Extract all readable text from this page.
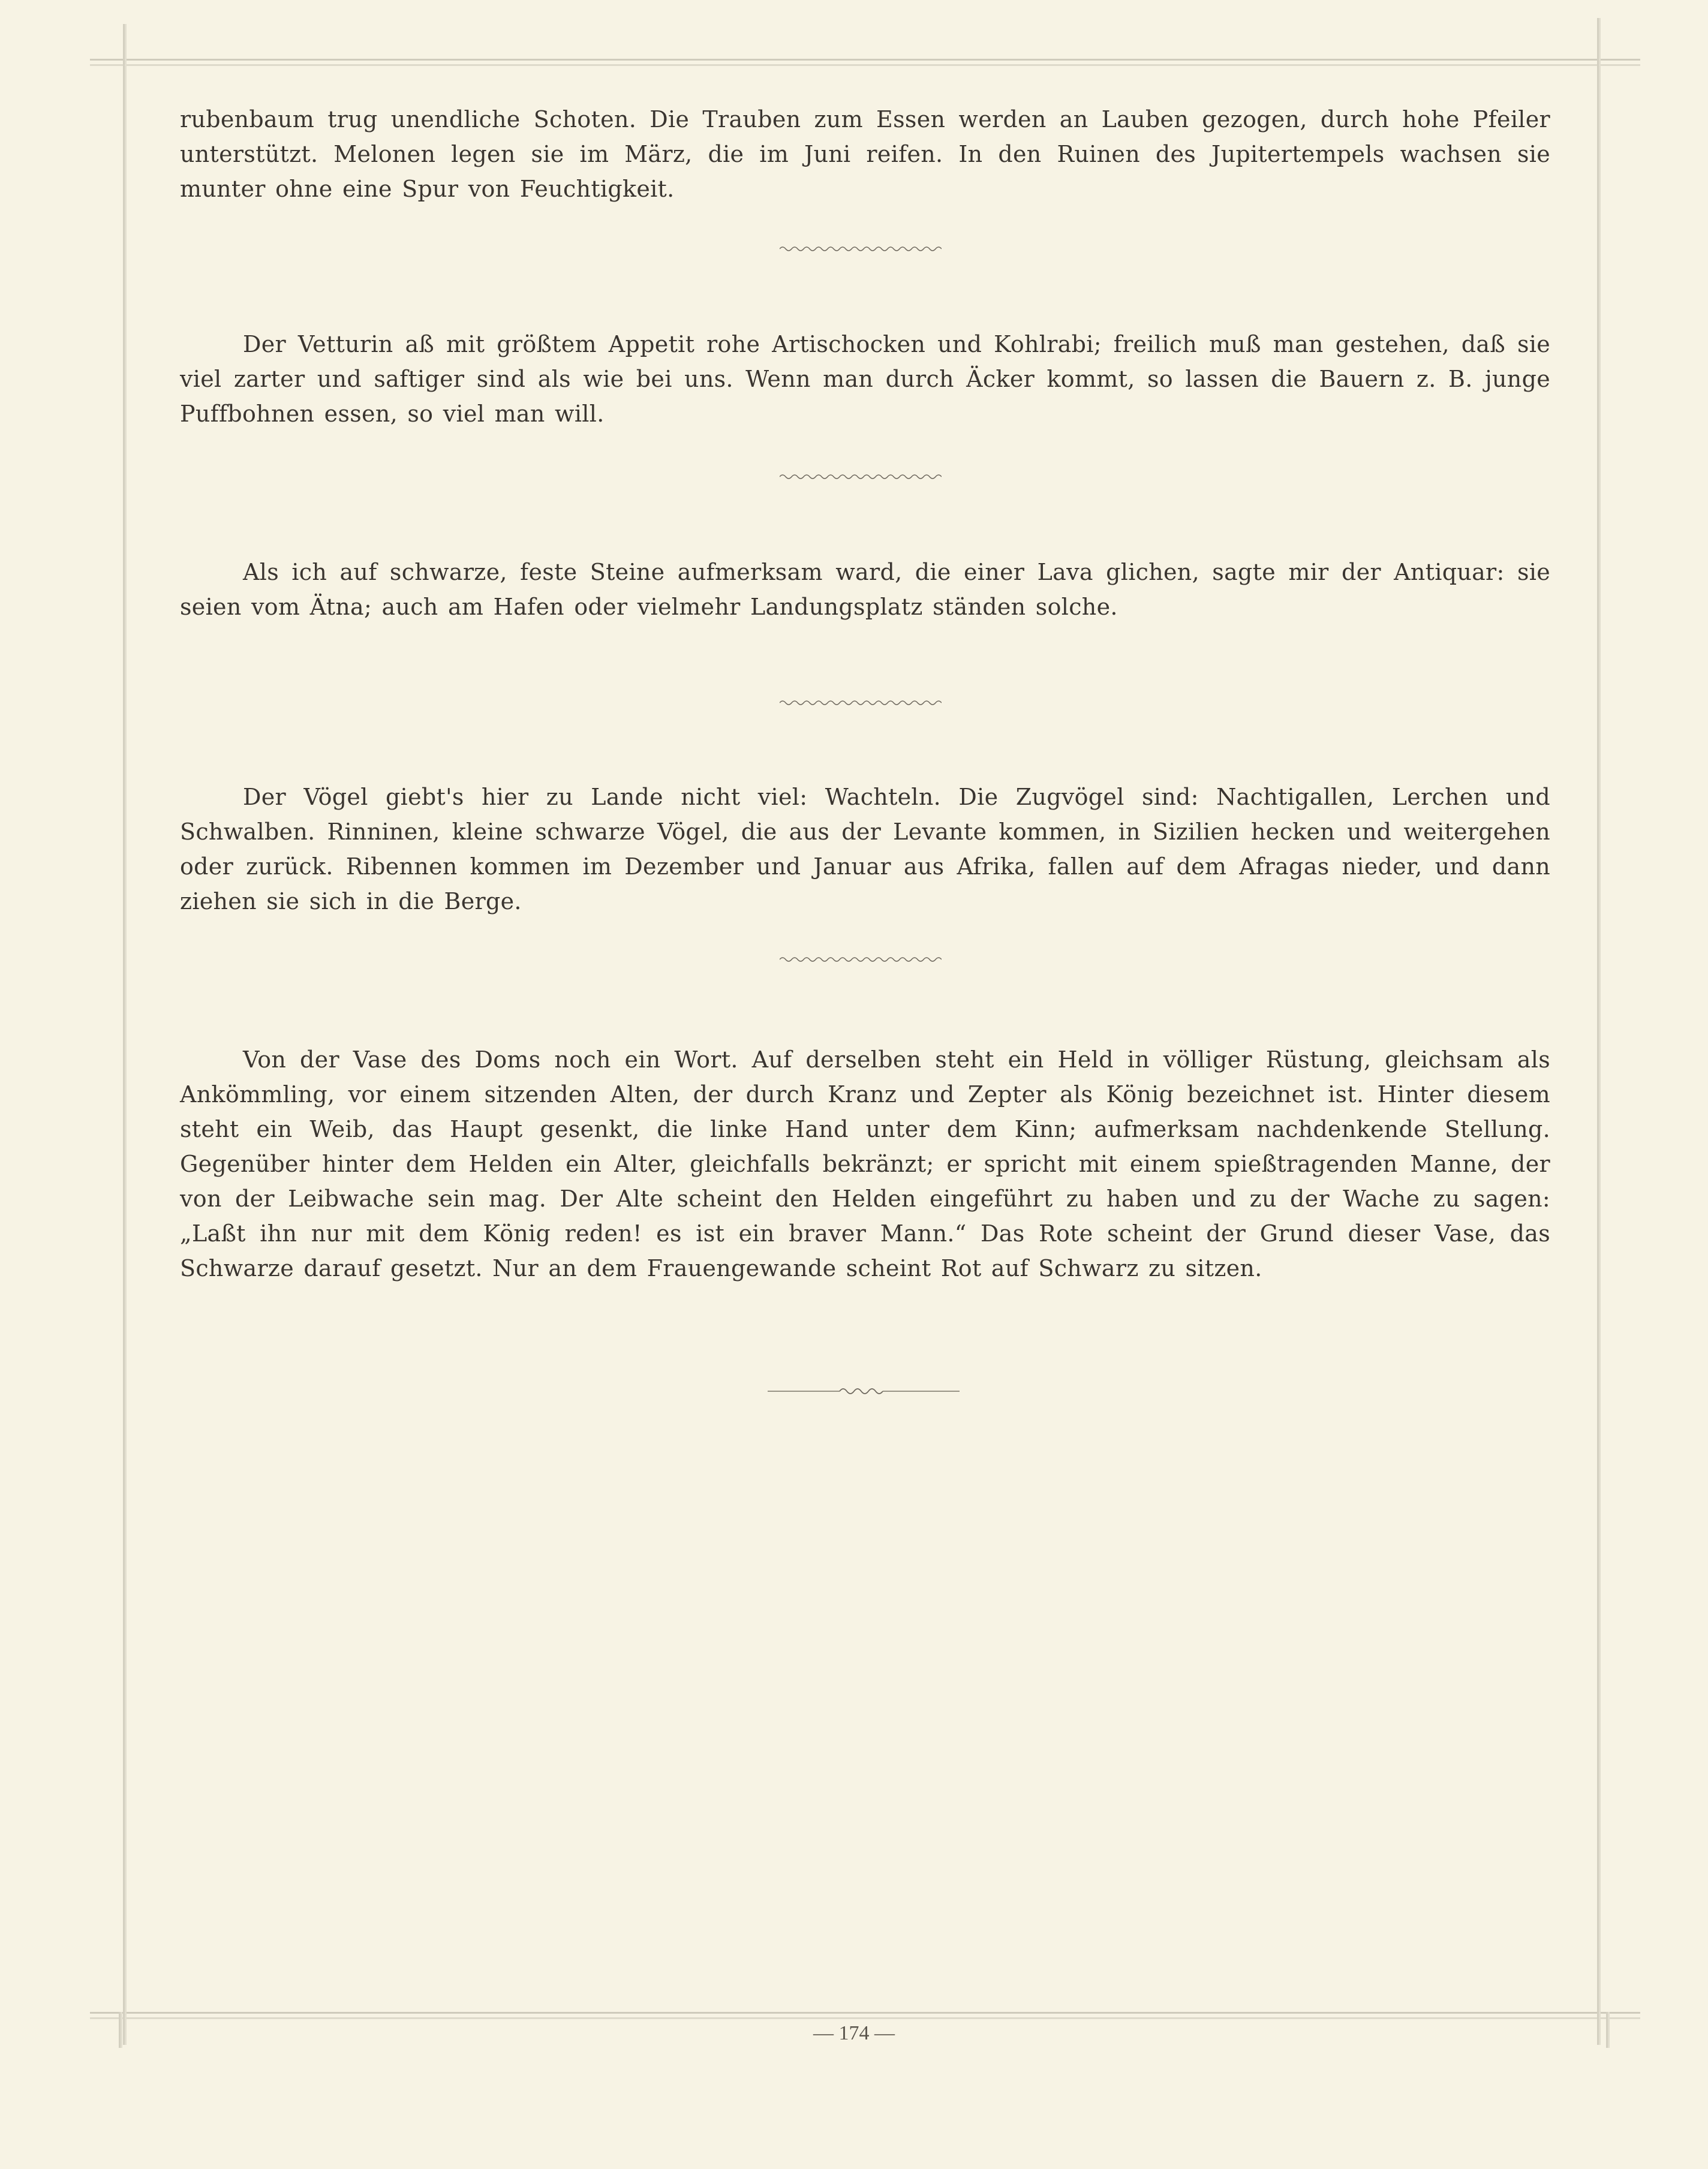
rubenbaum trug unendliche Schoten. Die Trauben zum Essen werden an Lauben gezogen, durch hohe Pfeiler unterstützt. Melonen legen sie im März, die im Juni reifen. In den Ruinen des Jupitertempels wachsen sie munter ohne eine Spur von Feuchtigkeit.
Der Vetturin aß mit größtem Appetit rohe Artischocken und Kohlrabi; freilich muß man gestehen, daß sie viel zarter und saftiger sind als wie bei uns. Wenn man durch Äcker kommt, so lassen die Bauern z. B. junge Puffbohnen essen, so viel man will.
Als ich auf schwarze, feste Steine aufmerksam ward, die einer Lava glichen, sagte mir der Antiquar: sie seien vom Ätna; auch am Hafen oder vielmehr Landungsplatz ständen solche.
Der Vögel giebt's hier zu Lande nicht viel: Wachteln. Die Zugvögel sind: Nachtigallen, Lerchen und Schwalben. Rinninen, kleine schwarze Vögel, die aus der Levante kommen, in Sizilien hecken und weitergehen oder zurück. Ribennen kommen im Dezember und Januar aus Afrika, fallen auf dem Afragas nieder, und dann ziehen sie sich in die Berge.
Von der Vase des Doms noch ein Wort. Auf derselben steht ein Held in völliger Rüstung, gleichsam als Ankömmling, vor einem sitzenden Alten, der durch Kranz und Zepter als König bezeichnet ist. Hinter diesem steht ein Weib, das Haupt gesenkt, die linke Hand unter dem Kinn; aufmerksam nachdenkende Stellung. Gegenüber hinter dem Helden ein Alter, gleichfalls bekränzt; er spricht mit einem spießtragenden Manne, der von der Leibwache sein mag. Der Alte scheint den Helden eingeführt zu haben und zu der Wache zu sagen: „Laßt ihn nur mit dem König reden! es ist ein braver Mann.“ Das Rote scheint der Grund dieser Vase, das Schwarze darauf gesetzt. Nur an dem Frauengewande scheint Rot auf Schwarz zu sitzen.
— 174 —
